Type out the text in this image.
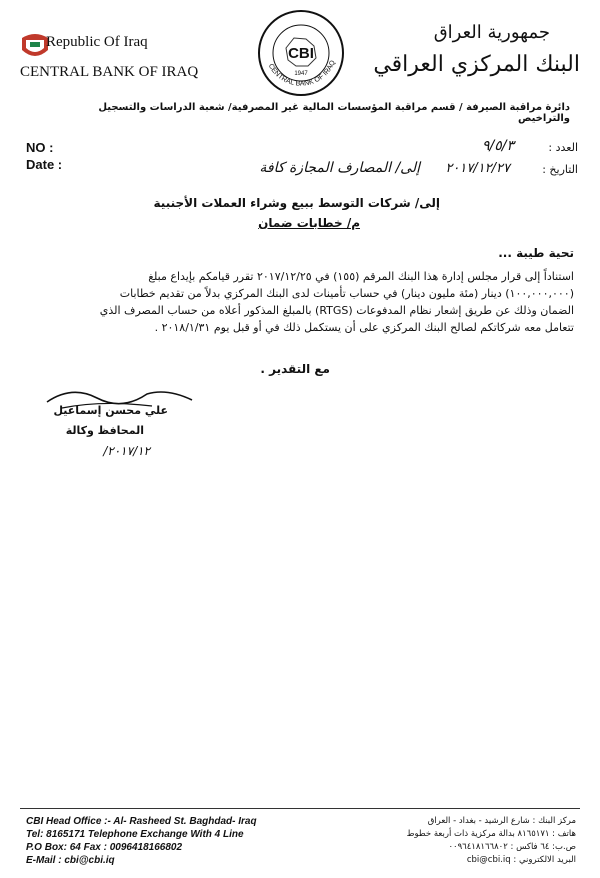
Republic Of Iraq
CENTRAL BANK OF IRAQ
CBI
1947
CENTRAL BANK OF IRAQ
جمهورية العراق
البنك المركزي العراقي
دائرة مراقبة الصيرفة / قسم مراقبة المؤسسات المالية غير المصرفية/ شعبة الدراسات والتسجيل والتراخيص
NO :
Date :
العدد :
٩/٥/٣
التاريخ :
٢٠١٧/١٢/٢٧
إلى/ المصارف المجازة كافة
إلى/ شركات التوسط ببيع وشراء العملات الأجنبية
م/ خطابات ضمان
تحية طيبة ...
استناداً إلى قرار مجلس إدارة هذا البنك المرقم (١٥٥) في ٢٠١٧/١٢/٢٥ تقرر قيامكم بإيداع مبلغ
(١٠٠,٠٠٠,٠٠٠) دينار (مئة مليون دينار) في حساب تأمينات لدى البنك المركزي بدلاً من تقديم خطابات
الضمان وذلك عن طريق إشعار نظام المدفوعات (RTGS) بالمبلغ المذكور أعلاه من حساب المصرف الذي
تتعامل معه شركاتكم لصالح البنك المركزي على أن يستكمل ذلك في أو قبل يوم ٢٠١٨/١/٣١ .
مع التقدير .
علي محسن إسماعيل
المحافظ وكالة
٢٠١٧/١٢/
CBI Head Office :- Al- Rasheed St. Baghdad- Iraq
Tel: 8165171 Telephone Exchange With 4 Line
P.O Box: 64 Fax : 0096418166802
E-Mail : cbi@cbi.iq
مركز البنك : شارع الرشيد - بغداد - العراق
هاتف : ٨١٦٥١٧١ بدالة مركزية ذات أربعة خطوط
ص.ب: ٦٤ فاكس : ٠٠٩٦٤١٨١٦٦٨٠٢
البريد الالكتروني : cbi@cbi.iq
